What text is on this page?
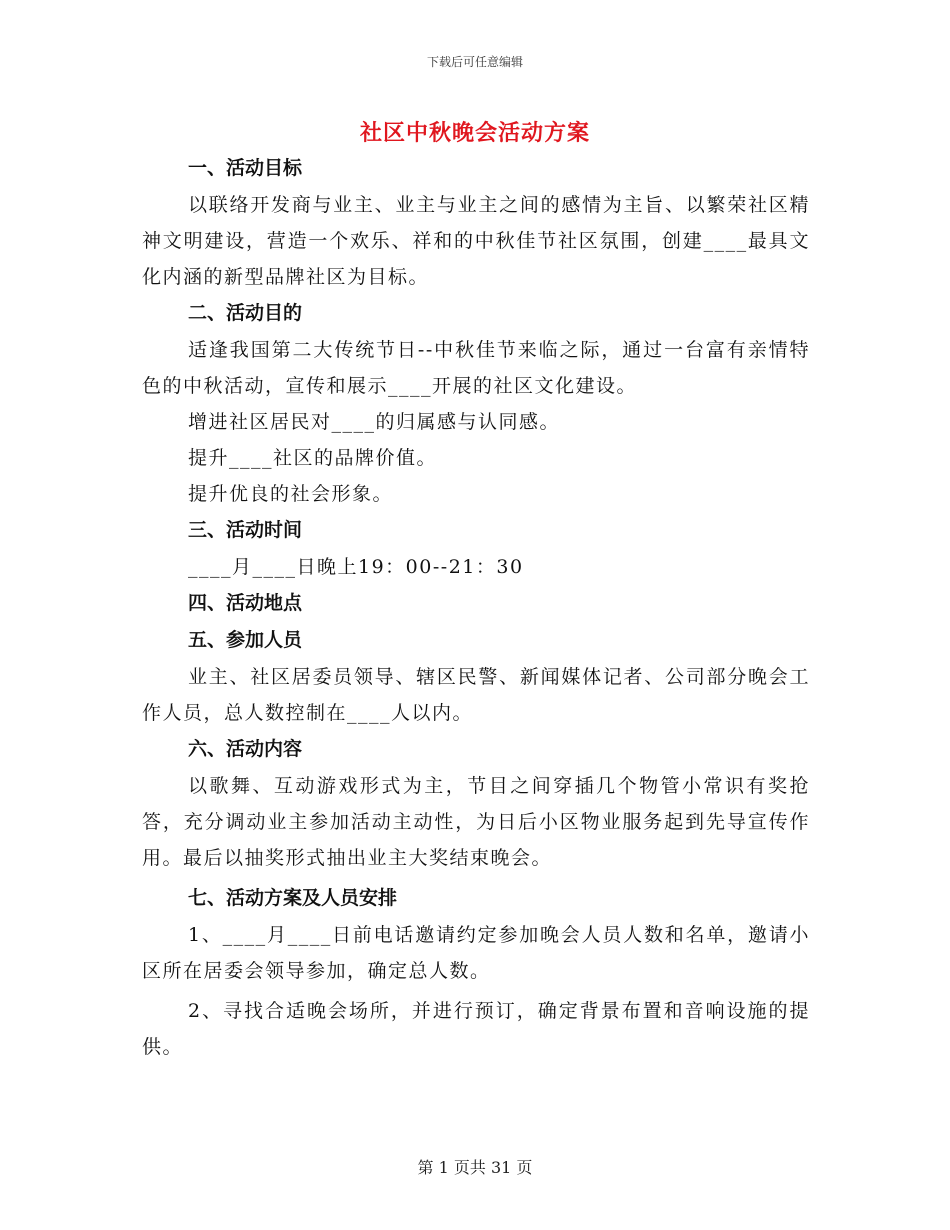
下载后可任意编辑
社区中秋晚会活动方案
一、活动目标
以联络开发商与业主、业主与业主之间的感情为主旨、以繁荣社区精神文明建设，营造一个欢乐、祥和的中秋佳节社区氛围，创建____最具文化内涵的新型品牌社区为目标。
二、活动目的
适逢我国第二大传统节日--中秋佳节来临之际，通过一台富有亲情特色的中秋活动，宣传和展示____开展的社区文化建设。
增进社区居民对____的归属感与认同感。
提升____社区的品牌价值。
提升优良的社会形象。
三、活动时间
____月____日晚上19：00--21：30
四、活动地点
五、参加人员
业主、社区居委员领导、辖区民警、新闻媒体记者、公司部分晚会工作人员，总人数控制在____人以内。
六、活动内容
以歌舞、互动游戏形式为主，节目之间穿插几个物管小常识有奖抢答，充分调动业主参加活动主动性，为日后小区物业服务起到先导宣传作用。最后以抽奖形式抽出业主大奖结束晚会。
七、活动方案及人员安排
1、____月____日前电话邀请约定参加晚会人员人数和名单，邀请小区所在居委会领导参加，确定总人数。
2、寻找合适晚会场所，并进行预订，确定背景布置和音响设施的提供。
第 1 页共 31 页
